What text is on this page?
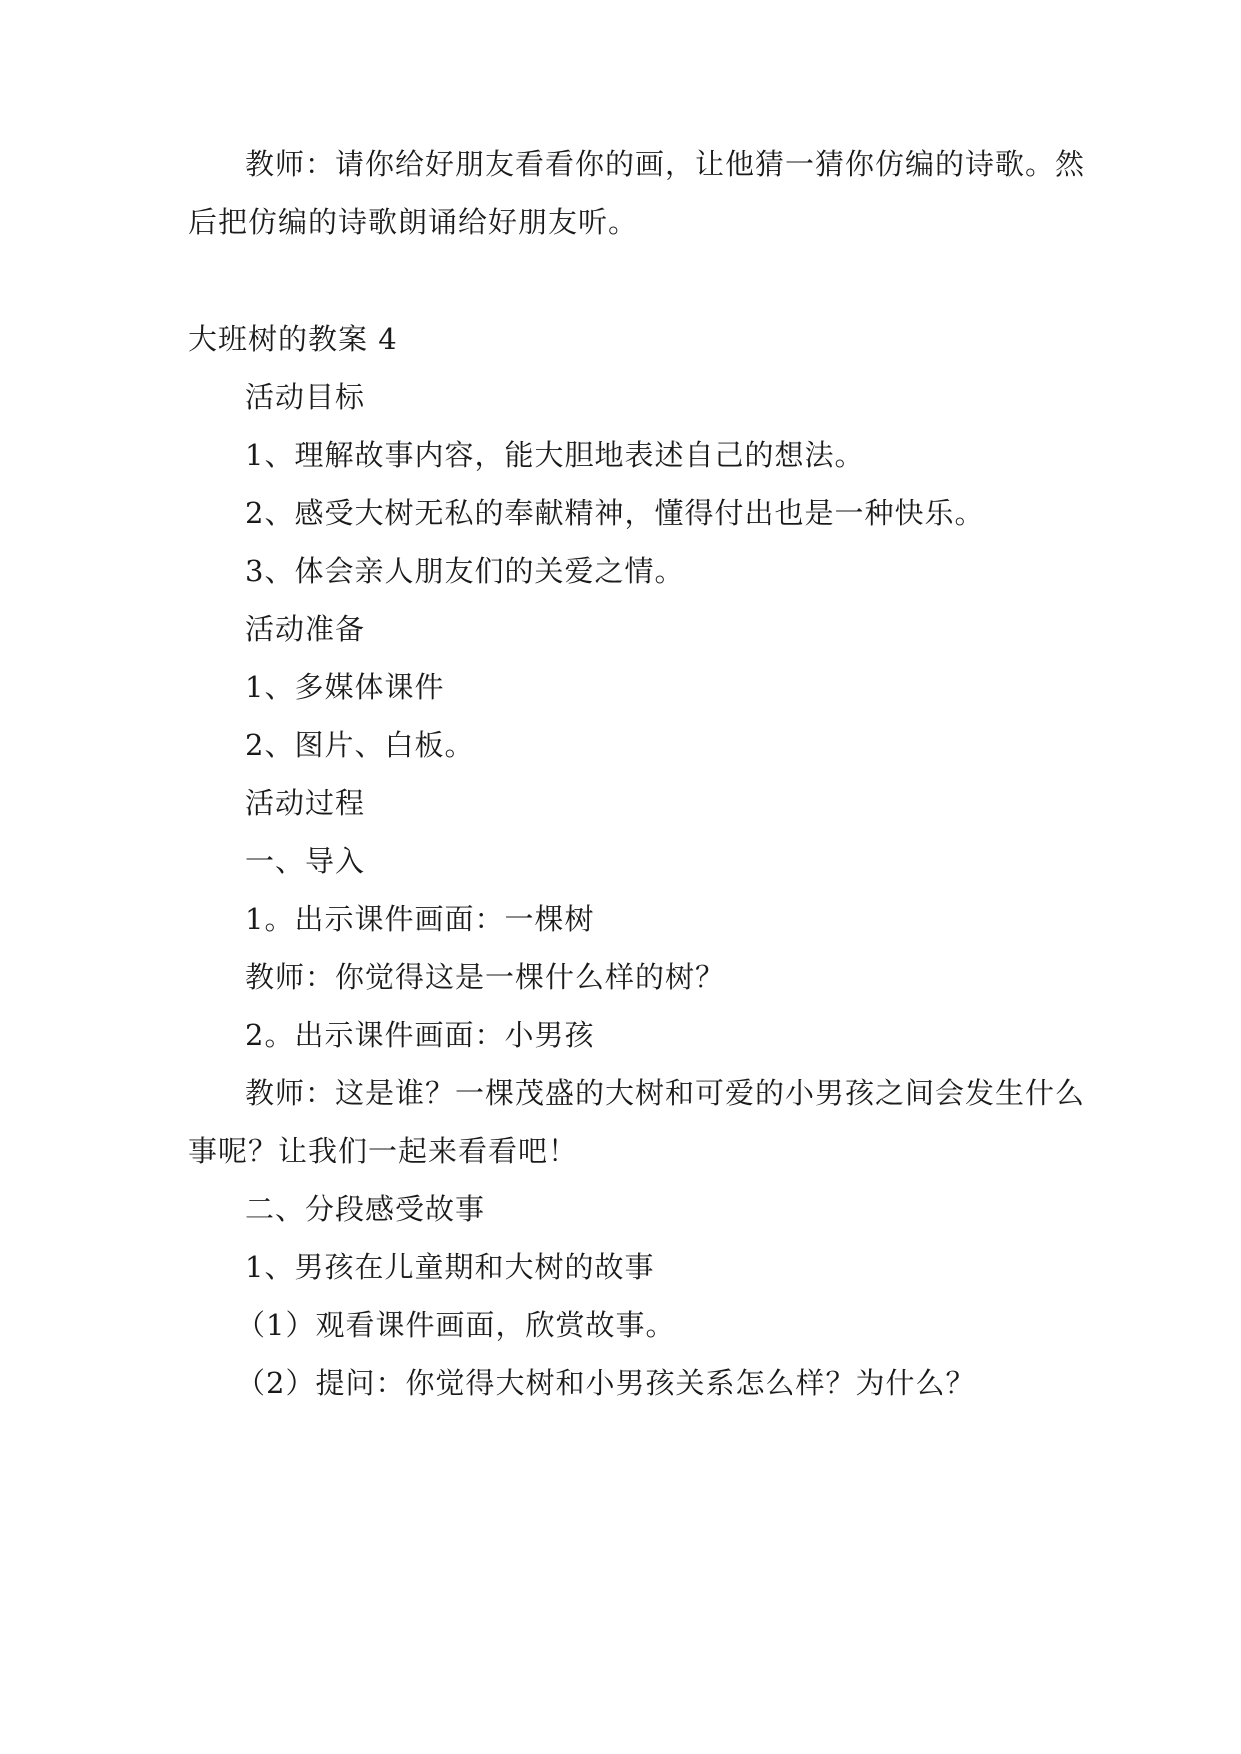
教师：请你给好朋友看看你的画，让他猜一猜你仿编的诗歌。然
后把仿编的诗歌朗诵给好朋友听。
大班树的教案 4
活动目标
1、理解故事内容，能大胆地表述自己的想法。
2、感受大树无私的奉献精神，懂得付出也是一种快乐。
3、体会亲人朋友们的关爱之情。
活动准备
1、多媒体课件
2、图片、白板。
活动过程
一、导入
1。出示课件画面：一棵树
教师：你觉得这是一棵什么样的树？
2。出示课件画面：小男孩
教师：这是谁？一棵茂盛的大树和可爱的小男孩之间会发生什么
事呢？让我们一起来看看吧！
二、分段感受故事
1、男孩在儿童期和大树的故事
（1）观看课件画面，欣赏故事。
（2）提问：你觉得大树和小男孩关系怎么样？为什么？
